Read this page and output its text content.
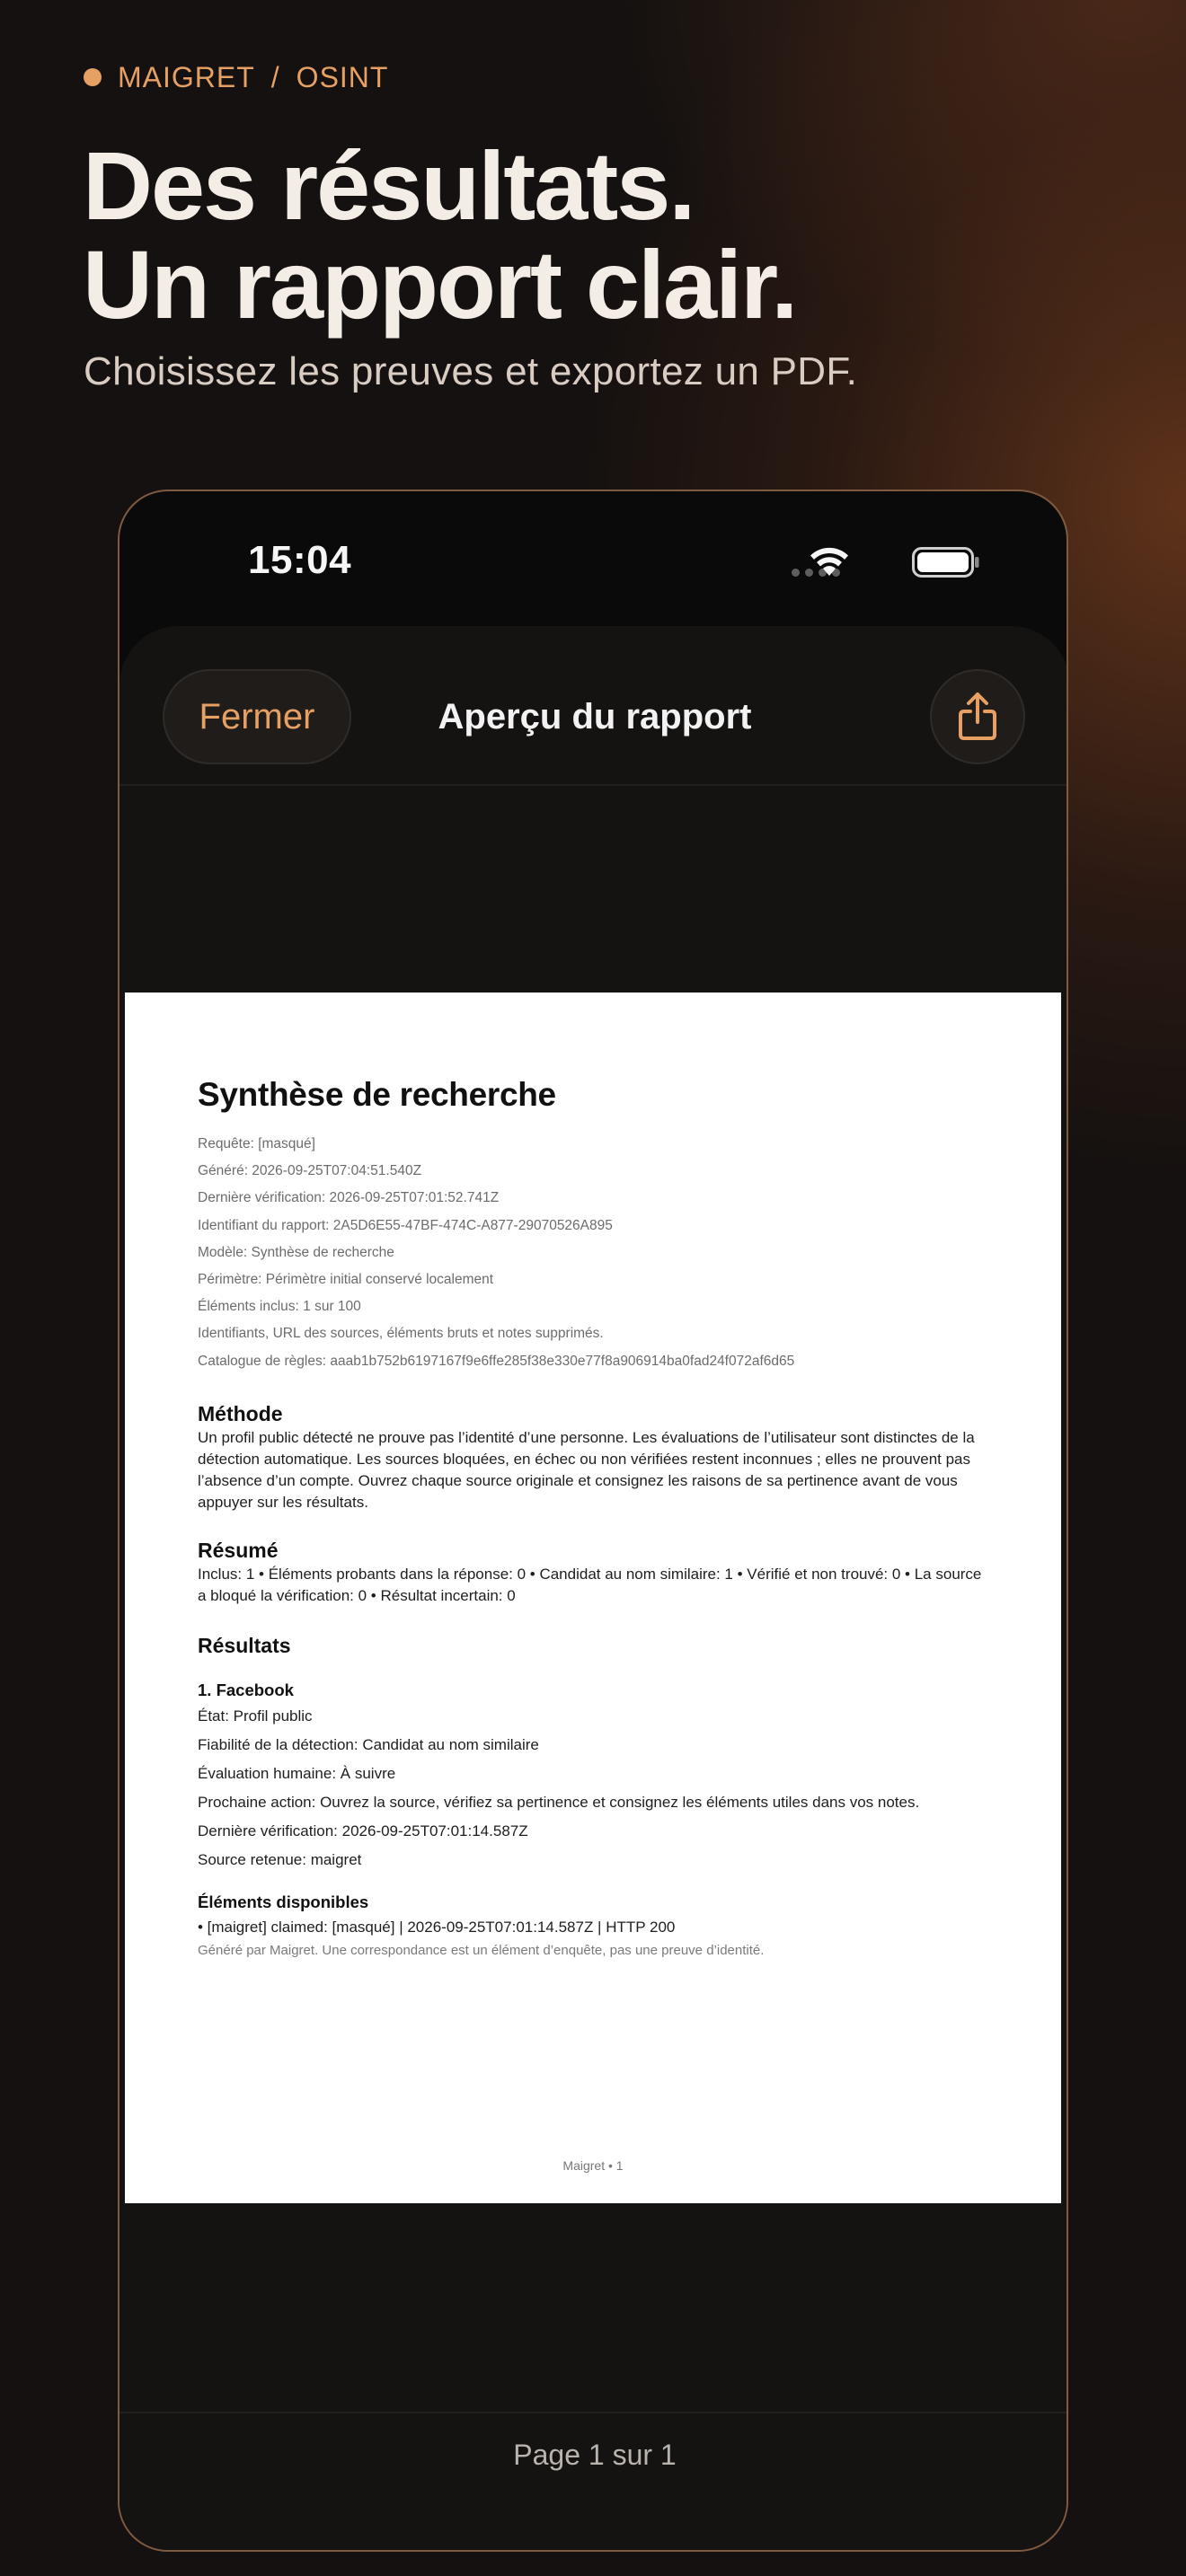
MAIGRET / OSINT
Des résultats.
Un rapport clair.
Choisissez les preuves et exportez un PDF.
15:04
Fermer	Aperçu du rapport
Synthèse de recherche
Requête: [masqué]
Généré: 2026-09-25T07:04:51.540Z
Dernière vérification: 2026-09-25T07:01:52.741Z
Identifiant du rapport: 2A5D6E55-47BF-474C-A877-29070526A895
Modèle: Synthèse de recherche
Périmètre: Périmètre initial conservé localement
Éléments inclus: 1 sur 100
Identifiants, URL des sources, éléments bruts et notes supprimés.
Catalogue de règles: aaab1b752b6197167f9e6ffe285f38e330e77f8a906914ba0fad24f072af6d65
Méthode
Un profil public détecté ne prouve pas l’identité d’une personne. Les évaluations de l’utilisateur sont distinctes de la détection automatique. Les sources bloquées, en échec ou non vérifiées restent inconnues ; elles ne prouvent pas l’absence d’un compte. Ouvrez chaque source originale et consignez les raisons de sa pertinence avant de vous appuyer sur les résultats.
Résumé
Inclus: 1 • Éléments probants dans la réponse: 0 • Candidat au nom similaire: 1 • Vérifié et non trouvé: 0 • La source a bloqué la vérification: 0 • Résultat incertain: 0
Résultats
1. Facebook
État: Profil public
Fiabilité de la détection: Candidat au nom similaire
Évaluation humaine: À suivre
Prochaine action: Ouvrez la source, vérifiez sa pertinence et consignez les éléments utiles dans vos notes.
Dernière vérification: 2026-09-25T07:01:14.587Z
Source retenue: maigret
Éléments disponibles
• [maigret] claimed: [masqué] | 2026-09-25T07:01:14.587Z | HTTP 200
Généré par Maigret. Une correspondance est un élément d’enquête, pas une preuve d’identité.
Maigret • 1
Page 1 sur 1
